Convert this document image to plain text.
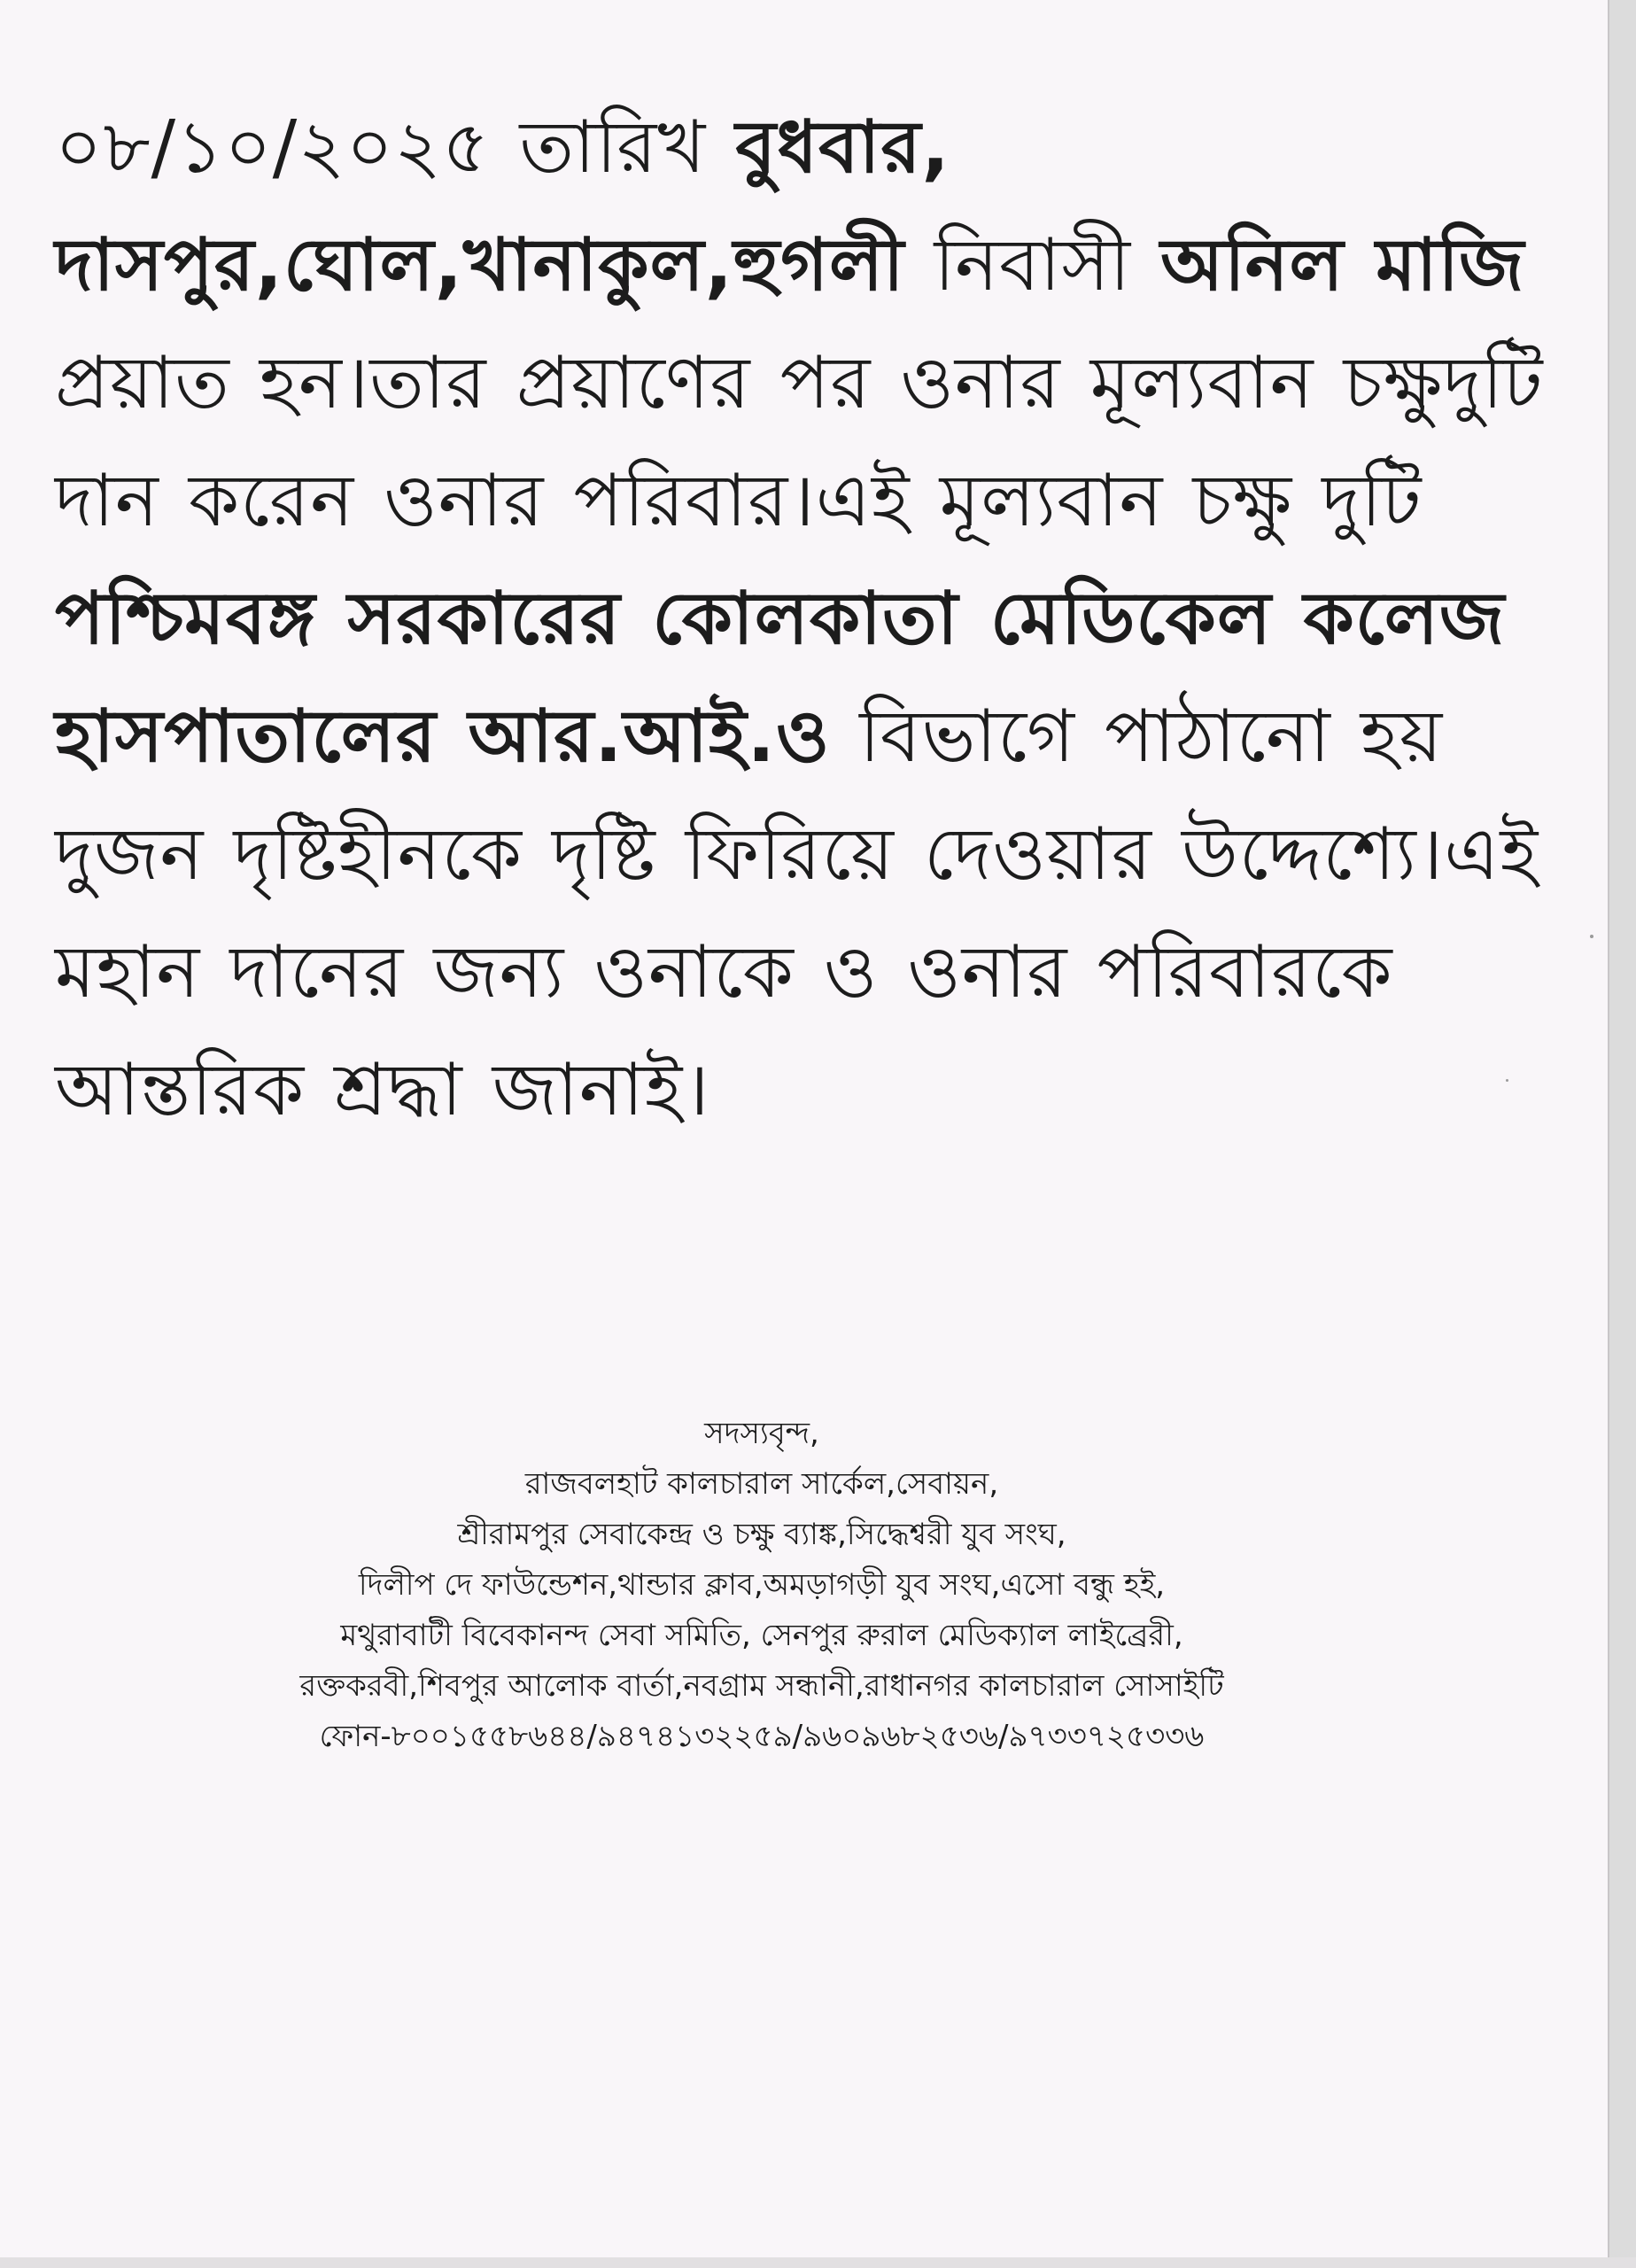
০৮/১০/২০২৫ তারিখ বুধবার, দাসপুর,ঘোল,খানাকুল,হুগলী নিবাসী অনিল মাজি প্রয়াত হন।তার প্রয়াণের পর ওনার মূল্যবান চক্ষুদুটি দান করেন ওনার পরিবার।এই মূল্যবান চক্ষু দুটি পশ্চিমবঙ্গ সরকারের কোলকাতা মেডিকেল কলেজ হাসপাতালের আর.আই.ও বিভাগে পাঠানো হয় দুজন দৃষ্টিহীনকে দৃষ্টি ফিরিয়ে দেওয়ার উদ্দেশ্যে।এই মহান দানের জন্য ওনাকে ও ওনার পরিবারকে আন্তরিক শ্রদ্ধা জানাই।

সদস্যবৃন্দ,
রাজবলহাট কালচারাল সার্কেল,সেবায়ন,
শ্রীরামপুর সেবাকেন্দ্র ও চক্ষু ব্যাঙ্ক,সিদ্ধেশ্বরী যুব সংঘ,
দিলীপ দে ফাউন্ডেশন,থান্ডার ক্লাব,অমড়াগড়ী যুব সংঘ,এসো বন্ধু হই,
মথুরাবাটী বিবেকানন্দ সেবা সমিতি, সেনপুর রুরাল মেডিক্যাল লাইব্রেরী,
রক্তকরবী,শিবপুর আলোক বার্তা,নবগ্রাম সন্ধানী,রাধানগর কালচারাল সোসাইটি
ফোন-৮০০১৫৫৮৬৪৪/৯৪৭৪১৩২২৫৯/৯৬০৯৬৮২৫৩৬/৯৭৩৩৭২৫৩৩৬
